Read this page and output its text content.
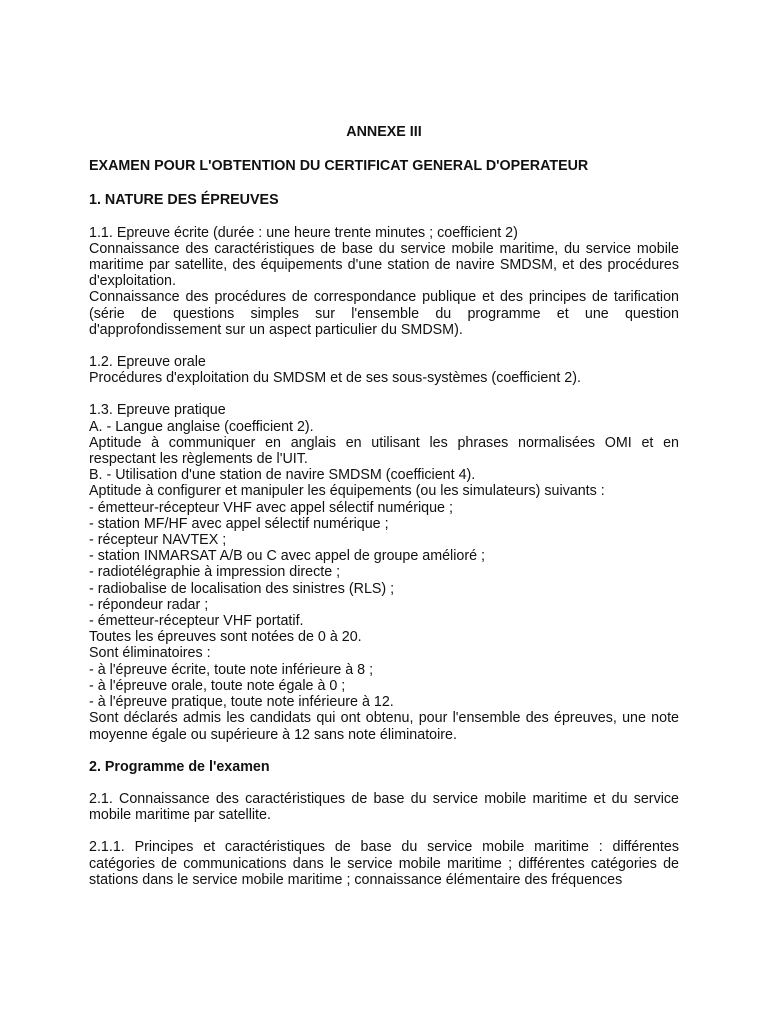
ANNEXE III

EXAMEN POUR L'OBTENTION DU CERTIFICAT GENERAL D'OPERATEUR

1. NATURE DES ÉPREUVES

1.1. Epreuve écrite (durée : une heure trente minutes ; coefficient 2)

Connaissance des caractéristiques de base du service mobile maritime, du service mobile maritime par satellite, des équipements d'une station de navire SMDSM, et des procédures d'exploitation.

Connaissance des procédures de correspondance publique et des principes de tarification (série de questions simples sur l'ensemble du programme et une question d'approfondissement sur un aspect particulier du SMDSM).

1.2. Epreuve orale

Procédures d'exploitation du SMDSM et de ses sous-systèmes (coefficient 2).

1.3. Epreuve pratique

A. - Langue anglaise (coefficient 2).

Aptitude à communiquer en anglais en utilisant les phrases normalisées OMI et en respectant les règlements de l'UIT.

B. - Utilisation d'une station de navire SMDSM (coefficient 4).

Aptitude à configurer et manipuler les équipements (ou les simulateurs) suivants :

- émetteur-récepteur VHF avec appel sélectif numérique ;

- station MF/HF avec appel sélectif numérique ;

- récepteur NAVTEX ;

- station INMARSAT A/B ou C avec appel de groupe amélioré ;

- radiotélégraphie à impression directe ;

- radiobalise de localisation des sinistres (RLS) ;

- répondeur radar ;

- émetteur-récepteur VHF portatif.

Toutes les épreuves sont notées de 0 à 20.

Sont éliminatoires :

- à l'épreuve écrite, toute note inférieure à 8 ;

- à l'épreuve orale, toute note égale à 0 ;

- à l'épreuve pratique, toute note inférieure à 12.

Sont déclarés admis les candidats qui ont obtenu, pour l'ensemble des épreuves, une note moyenne égale ou supérieure à 12 sans note éliminatoire.

2. Programme de l'examen

2.1. Connaissance des caractéristiques de base du service mobile maritime et du service mobile maritime par satellite.

2.1.1. Principes et caractéristiques de base du service mobile maritime : différentes catégories de communications dans le service mobile maritime ; différentes catégories de stations dans le service mobile maritime ; connaissance élémentaire des fréquences
